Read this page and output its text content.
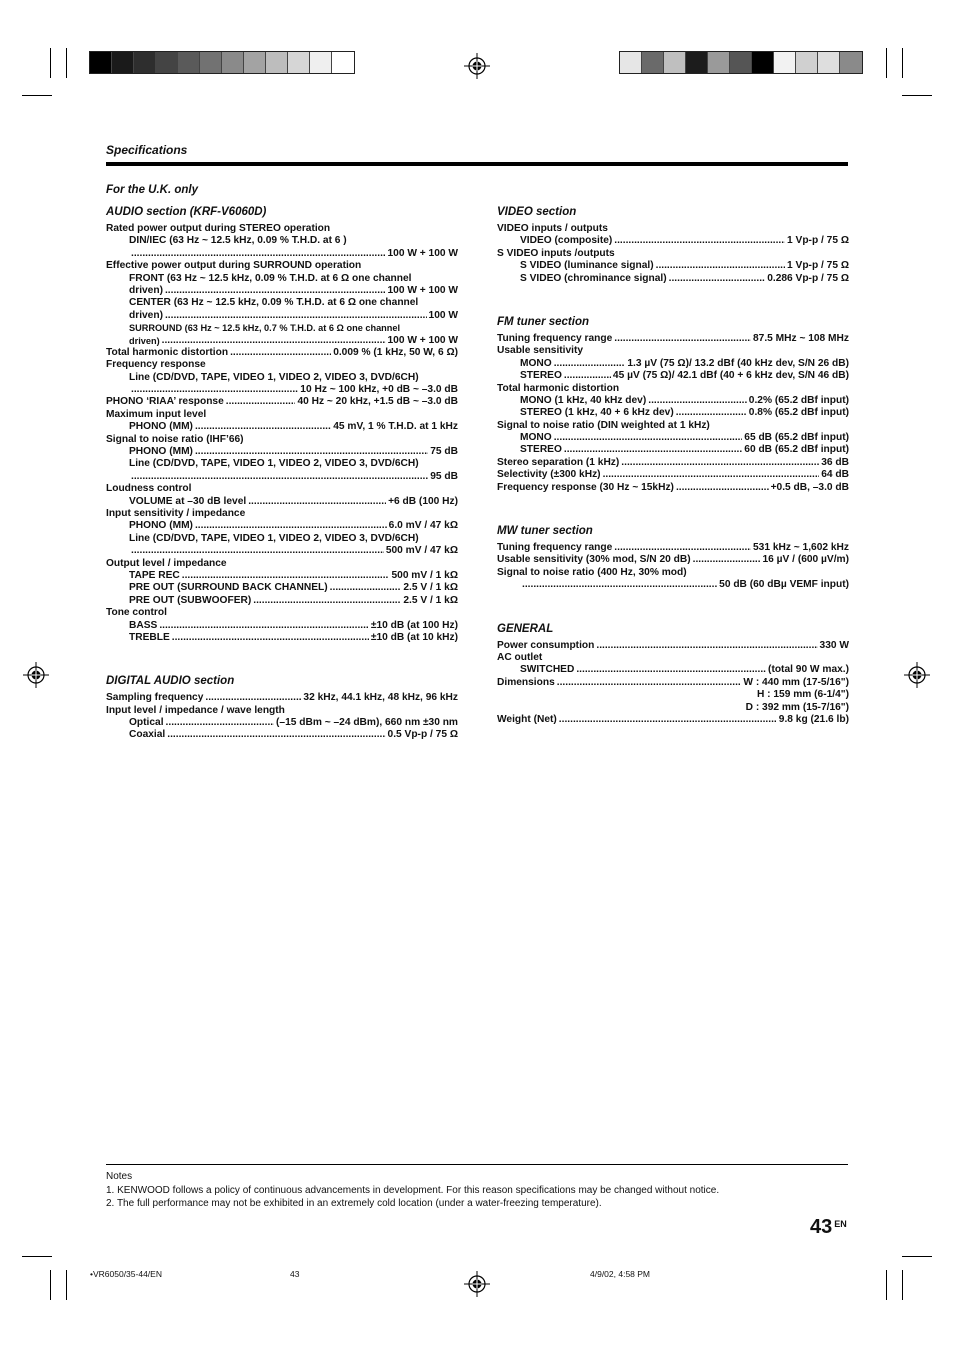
Specifications
For the U.K. only
AUDIO section (KRF-V6060D)
Rated power output during STEREO operation
DIN/IEC (63 Hz ~ 12.5 kHz, 0.09 % T.H.D. at 6 )
.....
100 W + 100 W
Effective power output during SURROUND operation
FRONT (63 Hz ~ 12.5 kHz, 0.09 % T.H.D. at 6 Ω one channel
driven) .....	100 W + 100 W
CENTER (63 Hz ~ 12.5 kHz, 0.09 % T.H.D. at 6 Ω one channel
driven) .....	100 W
SURROUND (63 Hz ~ 12.5 kHz, 0.7 % T.H.D. at 6 Ω one channel
driven) .....	100 W + 100 W
Total harmonic distortion .....	0.009 % (1 kHz, 50 W, 6 Ω)
Frequency response
Line (CD/DVD, TAPE, VIDEO 1, VIDEO 2, VIDEO 3, DVD/6CH)
.....
10 Hz ~ 100 kHz, +0 dB ~ –3.0 dB
PHONO ‘RIAA’ response .....	40 Hz ~ 20 kHz, +1.5 dB ~ –3.0 dB
Maximum input level
PHONO (MM) .....	45 mV, 1 % T.H.D. at 1 kHz
Signal to noise ratio (IHF’66)
PHONO (MM) .....	75 dB
Line (CD/DVD, TAPE, VIDEO 1, VIDEO 2, VIDEO 3, DVD/6CH)
.....
95 dB
Loudness control
VOLUME at –30 dB level .....	+6 dB (100 Hz)
Input sensitivity / impedance
PHONO (MM) .....	6.0 mV / 47 kΩ
Line (CD/DVD, TAPE, VIDEO 1, VIDEO 2, VIDEO 3, DVD/6CH)
.....
500 mV / 47 kΩ
Output level / impedance
TAPE REC .....	500 mV / 1 kΩ
PRE OUT (SURROUND BACK CHANNEL) .....	2.5 V / 1 kΩ
PRE OUT (SUBWOOFER) .....	2.5 V / 1 kΩ
Tone control
BASS .....	±10 dB (at 100 Hz)
TREBLE .....	±10 dB (at 10 kHz)
DIGITAL AUDIO section
Sampling frequency .....	32 kHz, 44.1 kHz, 48 kHz, 96 kHz
Input level / impedance / wave length
Optical .....	(–15 dBm ~ –24 dBm), 660 nm ±30 nm
Coaxial .....	0.5 Vp-p / 75 Ω
VIDEO section
VIDEO inputs / outputs
VIDEO (composite) .....	1 Vp-p / 75 Ω
S VIDEO inputs /outputs
S VIDEO (luminance signal) .....	1 Vp-p / 75 Ω
S VIDEO (chrominance signal) .....	0.286 Vp-p / 75 Ω
FM tuner section
Tuning frequency range .....	87.5 MHz ~ 108 MHz
Usable sensitivity
MONO .....	1.3 µV (75 Ω)/ 13.2 dBf (40 kHz dev, S/N 26 dB)
STEREO .....	45 µV (75 Ω)/ 42.1 dBf (40 + 6 kHz dev, S/N 46 dB)
Total harmonic distortion
MONO (1 kHz, 40 kHz dev) .....	0.2% (65.2 dBf input)
STEREO (1 kHz, 40 + 6 kHz dev) .....	0.8% (65.2 dBf input)
Signal to noise ratio (DIN weighted at 1 kHz)
MONO .....	65 dB (65.2 dBf input)
STEREO .....	60 dB (65.2 dBf input)
Stereo separation (1 kHz) .....	36 dB
Selectivity (±300 kHz) .....	64 dB
Frequency response (30 Hz ~ 15kHz) .....	+0.5 dB, –3.0 dB
MW tuner section
Tuning frequency range .....	531 kHz ~ 1,602 kHz
Usable sensitivity (30% mod, S/N 20 dB) .....	16 µV / (600 µV/m)
Signal to noise ratio (400 Hz, 30% mod)
.....
50 dB (60 dBµ VEMF input)
GENERAL
Power consumption .....	330 W
AC outlet
SWITCHED .....	(total 90 W max.)
Dimensions .....	W : 440 mm (17-5/16")
H : 159 mm (6-1/4")
D : 392 mm (15-7/16")
Weight (Net) .....	9.8 kg (21.6 lb)
Notes
1. KENWOOD follows a policy of continuous advancements in development. For this reason specifications may be changed without notice.
2. The full performance may not be exhibited in an extremely cold location (under a water-freezing temperature).
43 $^{EN}$
•VR6050/35-44/EN	43	4/9/02, 4:58 PM
